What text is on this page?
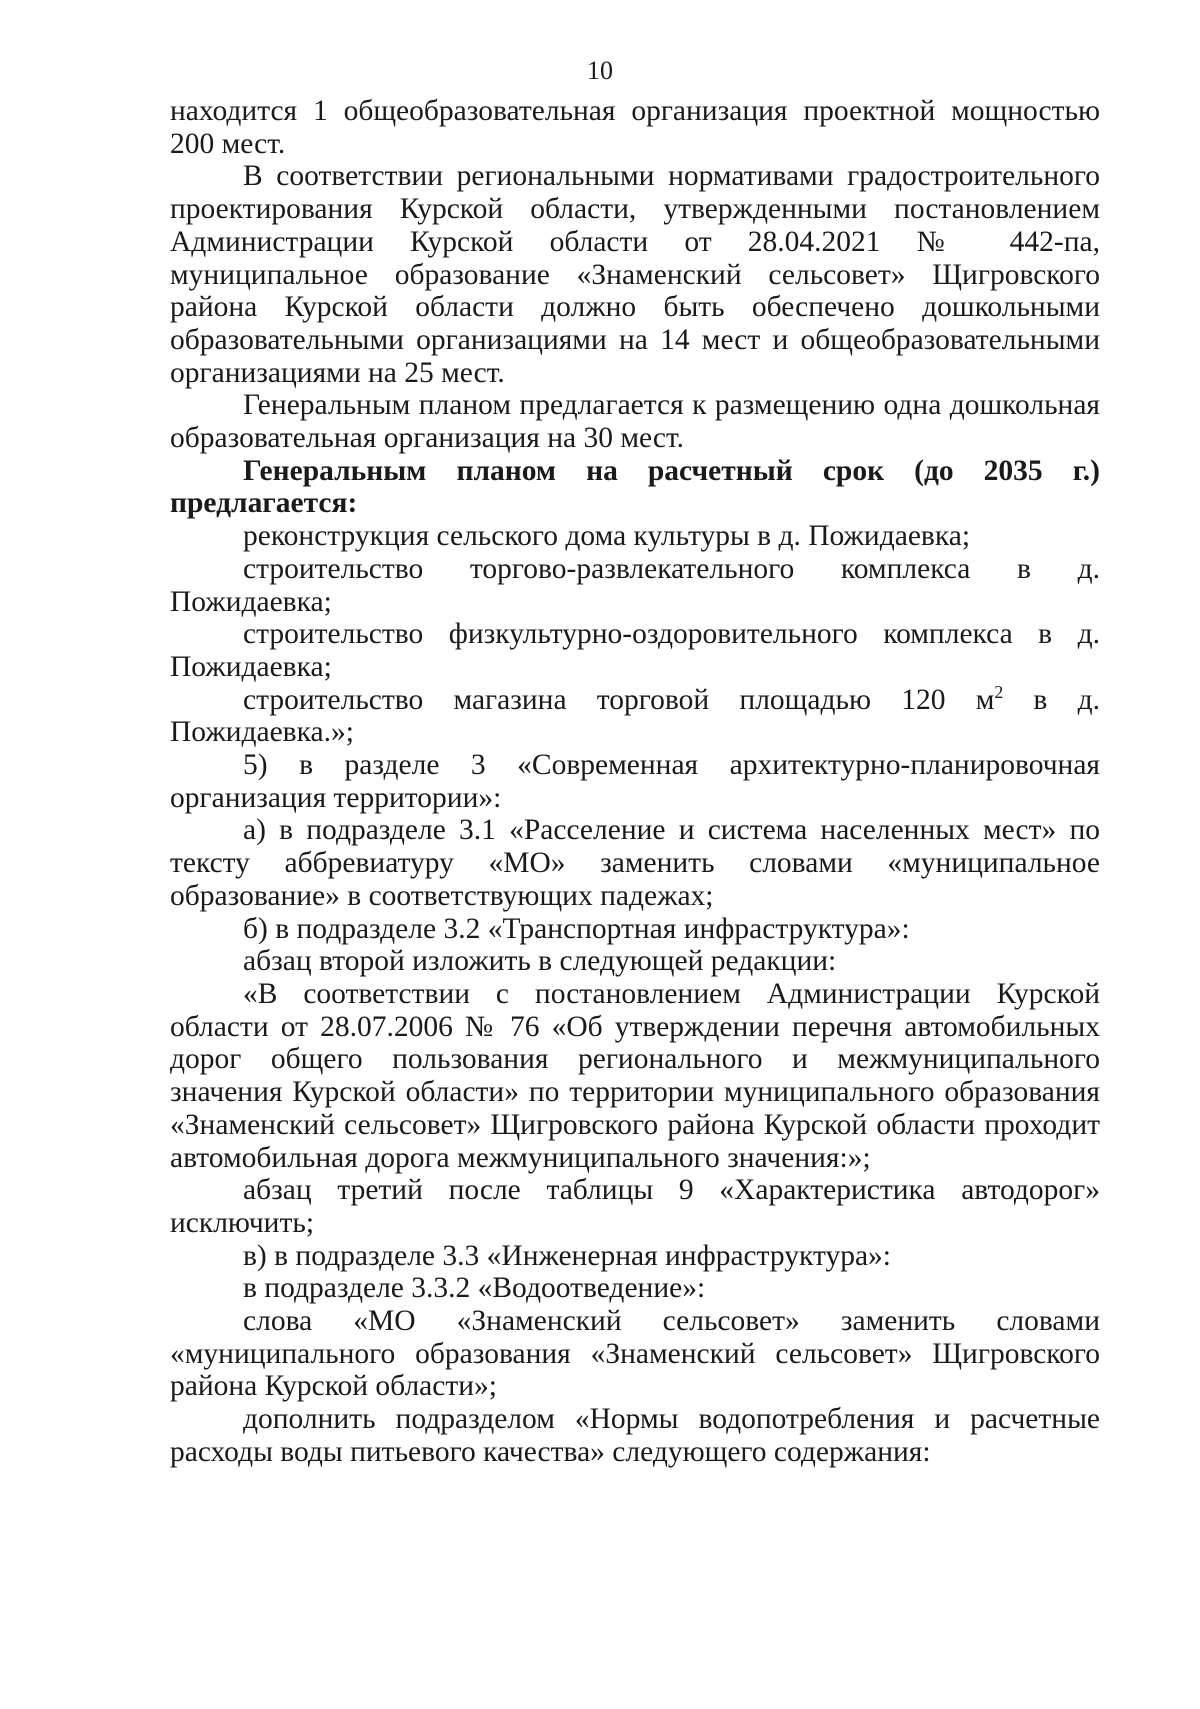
10

находится 1 общеобразовательная организация проектной мощностью 200 мест.

В соответствии региональными нормативами градостроительного проектирования Курской области, утвержденными постановлением Администрации Курской области от 28.04.2021 № 442-па, муниципальное образование «Знаменский сельсовет» Щигровского района Курской области должно быть обеспечено дошкольными образовательными организациями на 14 мест и общеобразовательными организациями на 25 мест.

Генеральным планом предлагается к размещению одна дошкольная образовательная организация на 30 мест.

Генеральным планом на расчетный срок (до 2035 г.) предлагается:

реконструкция сельского дома культуры в д. Пожидаевка;

строительство торгово-развлекательного комплекса в д. Пожидаевка;

строительство физкультурно-оздоровительного комплекса в д. Пожидаевка;

строительство магазина торговой площадью 120 $м^2$ в д. Пожидаевка.»;

5) в разделе 3 «Современная архитектурно-планировочная организация территории»:

а) в подразделе 3.1 «Расселение и система населенных мест» по тексту аббревиатуру «МО» заменить словами «муниципальное образование» в соответствующих падежах;

б) в подразделе 3.2 «Транспортная инфраструктура»:

абзац второй изложить в следующей редакции:

«В соответствии с постановлением Администрации Курской области от 28.07.2006 № 76 «Об утверждении перечня автомобильных дорог общего пользования регионального и межмуниципального значения Курской области» по территории муниципального образования «Знаменский сельсовет» Щигровского района Курской области проходит автомобильная дорога межмуниципального значения:»;

абзац третий после таблицы 9 «Характеристика автодорог» исключить;

в) в подразделе 3.3 «Инженерная инфраструктура»:

в подразделе 3.3.2 «Водоотведение»:

слова «МО «Знаменский сельсовет» заменить словами «муниципального образования «Знаменский сельсовет» Щигровского района Курской области»;

дополнить подразделом «Нормы водопотребления и расчетные расходы воды питьевого качества» следующего содержания:
